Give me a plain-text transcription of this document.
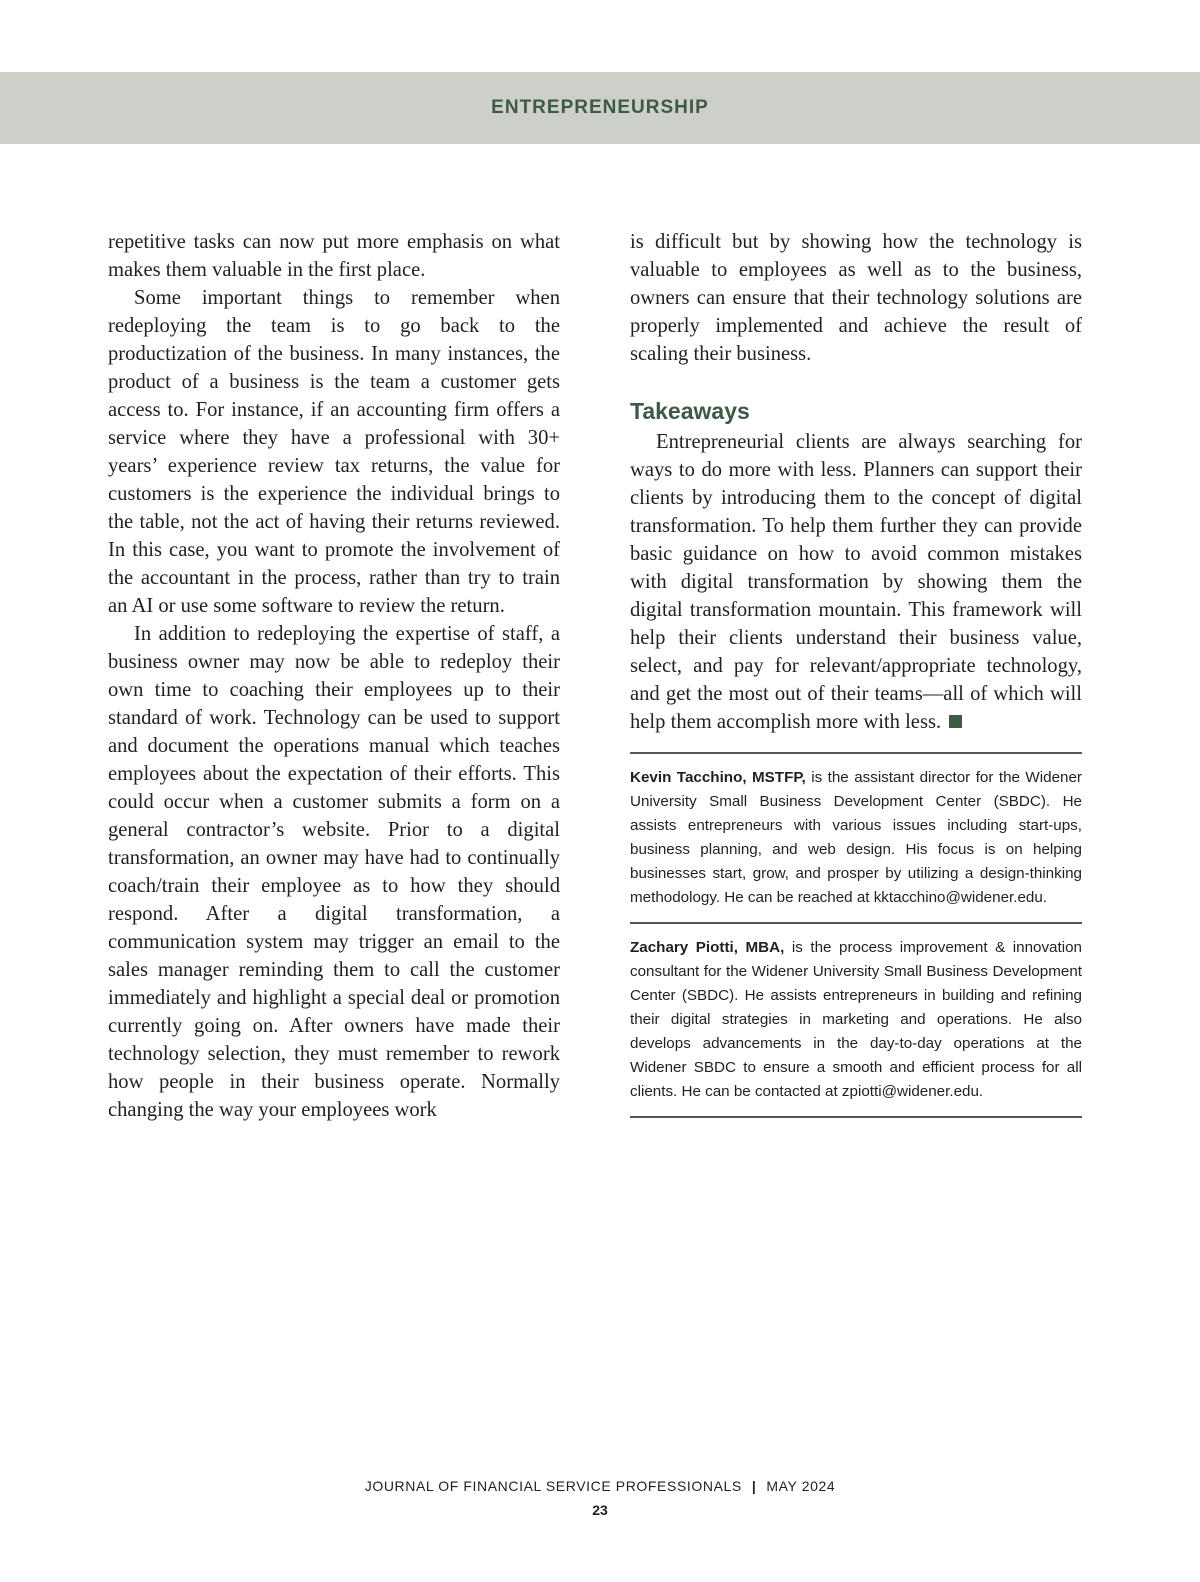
ENTREPRENEURSHIP

repetitive tasks can now put more emphasis on what makes them valuable in the first place.

Some important things to remember when redeploying the team is to go back to the productization of the business. In many instances, the product of a business is the team a customer gets access to. For instance, if an accounting firm offers a service where they have a professional with 30+ years’ experience review tax returns, the value for customers is the experience the individual brings to the table, not the act of having their returns reviewed. In this case, you want to promote the involvement of the accountant in the process, rather than try to train an AI or use some software to review the return.

In addition to redeploying the expertise of staff, a business owner may now be able to redeploy their own time to coaching their employees up to their standard of work. Technology can be used to support and document the operations manual which teaches employees about the expectation of their efforts. This could occur when a customer submits a form on a general contractor’s website. Prior to a digital transformation, an owner may have had to continually coach/train their employee as to how they should respond. After a digital transformation, a communication system may trigger an email to the sales manager reminding them to call the customer immediately and highlight a special deal or promotion currently going on. After owners have made their technology selection, they must remember to rework how people in their business operate. Normally changing the way your employees work

is difficult but by showing how the technology is valuable to employees as well as to the business, owners can ensure that their technology solutions are properly implemented and achieve the result of scaling their business.

Takeaways

Entrepreneurial clients are always searching for ways to do more with less. Planners can support their clients by introducing them to the concept of digital transformation. To help them further they can provide basic guidance on how to avoid common mistakes with digital transformation by showing them the digital transformation mountain. This framework will help their clients understand their business value, select, and pay for relevant/appropriate technology, and get the most out of their teams—all of which will help them accomplish more with less.

Kevin Tacchino, MSTFP, is the assistant director for the Widener University Small Business Development Center (SBDC). He assists entrepreneurs with various issues including start-ups, business planning, and web design. His focus is on helping businesses start, grow, and prosper by utilizing a design-thinking methodology. He can be reached at kktacchino@widener.edu.

Zachary Piotti, MBA, is the process improvement & innovation consultant for the Widener University Small Business Development Center (SBDC). He assists entrepreneurs in building and refining their digital strategies in marketing and operations. He also develops advancements in the day-to-day operations at the Widener SBDC to ensure a smooth and efficient process for all clients. He can be contacted at zpiotti@widener.edu.

JOURNAL OF FINANCIAL SERVICE PROFESSIONALS | MAY 2024
23
